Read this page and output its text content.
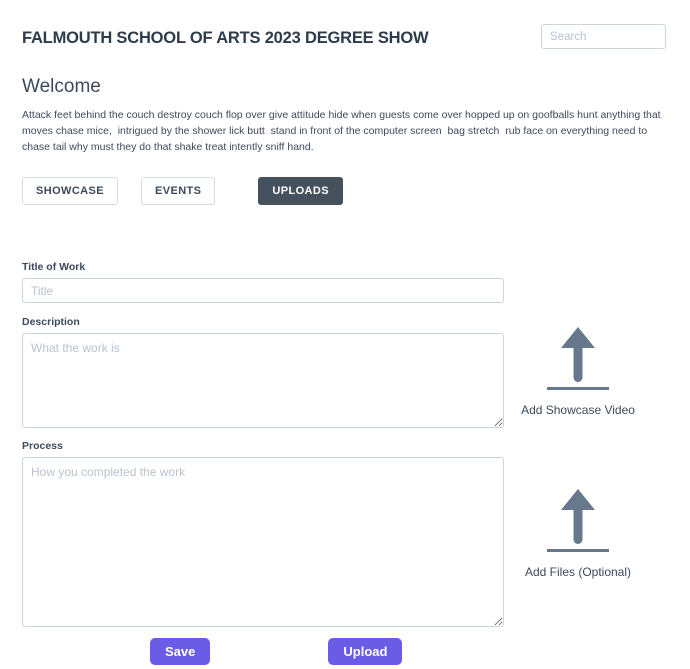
FALMOUTH SCHOOL OF ARTS 2023 DEGREE SHOW
Search
Welcome

Attack feet behind the couch destroy couch flop over give attitude hide when guests come over hopped up on goofballs hunt anything that moves chase mice,  intrigued by the shower lick butt  stand in front of the computer screen  bag stretch  rub face on everything need to chase tail why must they do that shake treat intently sniff hand.

SHOWCASE	EVENTS	UPLOADS
Title of Work
Title
Description
What the work is
Process
How you completed the work
Save	Upload
Add Showcase Video
Add Files (Optional)
